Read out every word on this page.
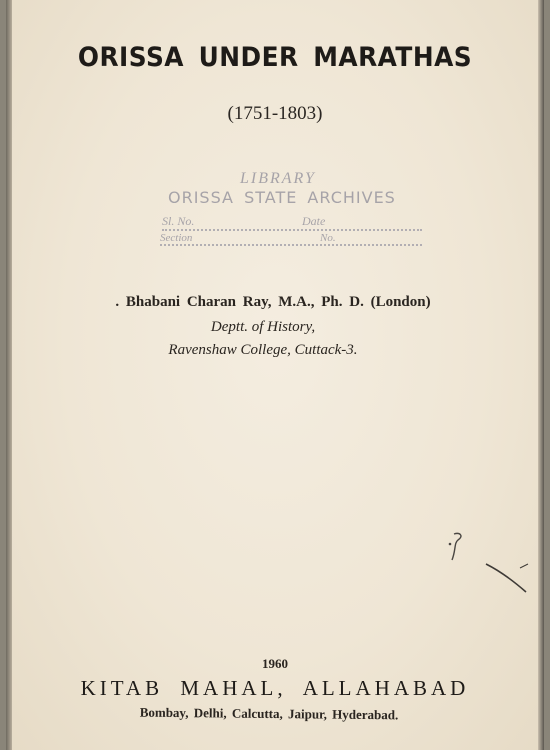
ORISSA UNDER MARATHAS
(1751-1803)
LIBRARY
ORISSA STATE ARCHIVES
Sl. No.	Date
Section	No.
. Bhabani Charan Ray, M.A., Ph. D. (London)
Deptt. of History,
Ravenshaw College, Cuttack-3.
1960
KITAB MAHAL, ALLAHABAD
Bombay, Delhi, Calcutta, Jaipur, Hyderabad.
